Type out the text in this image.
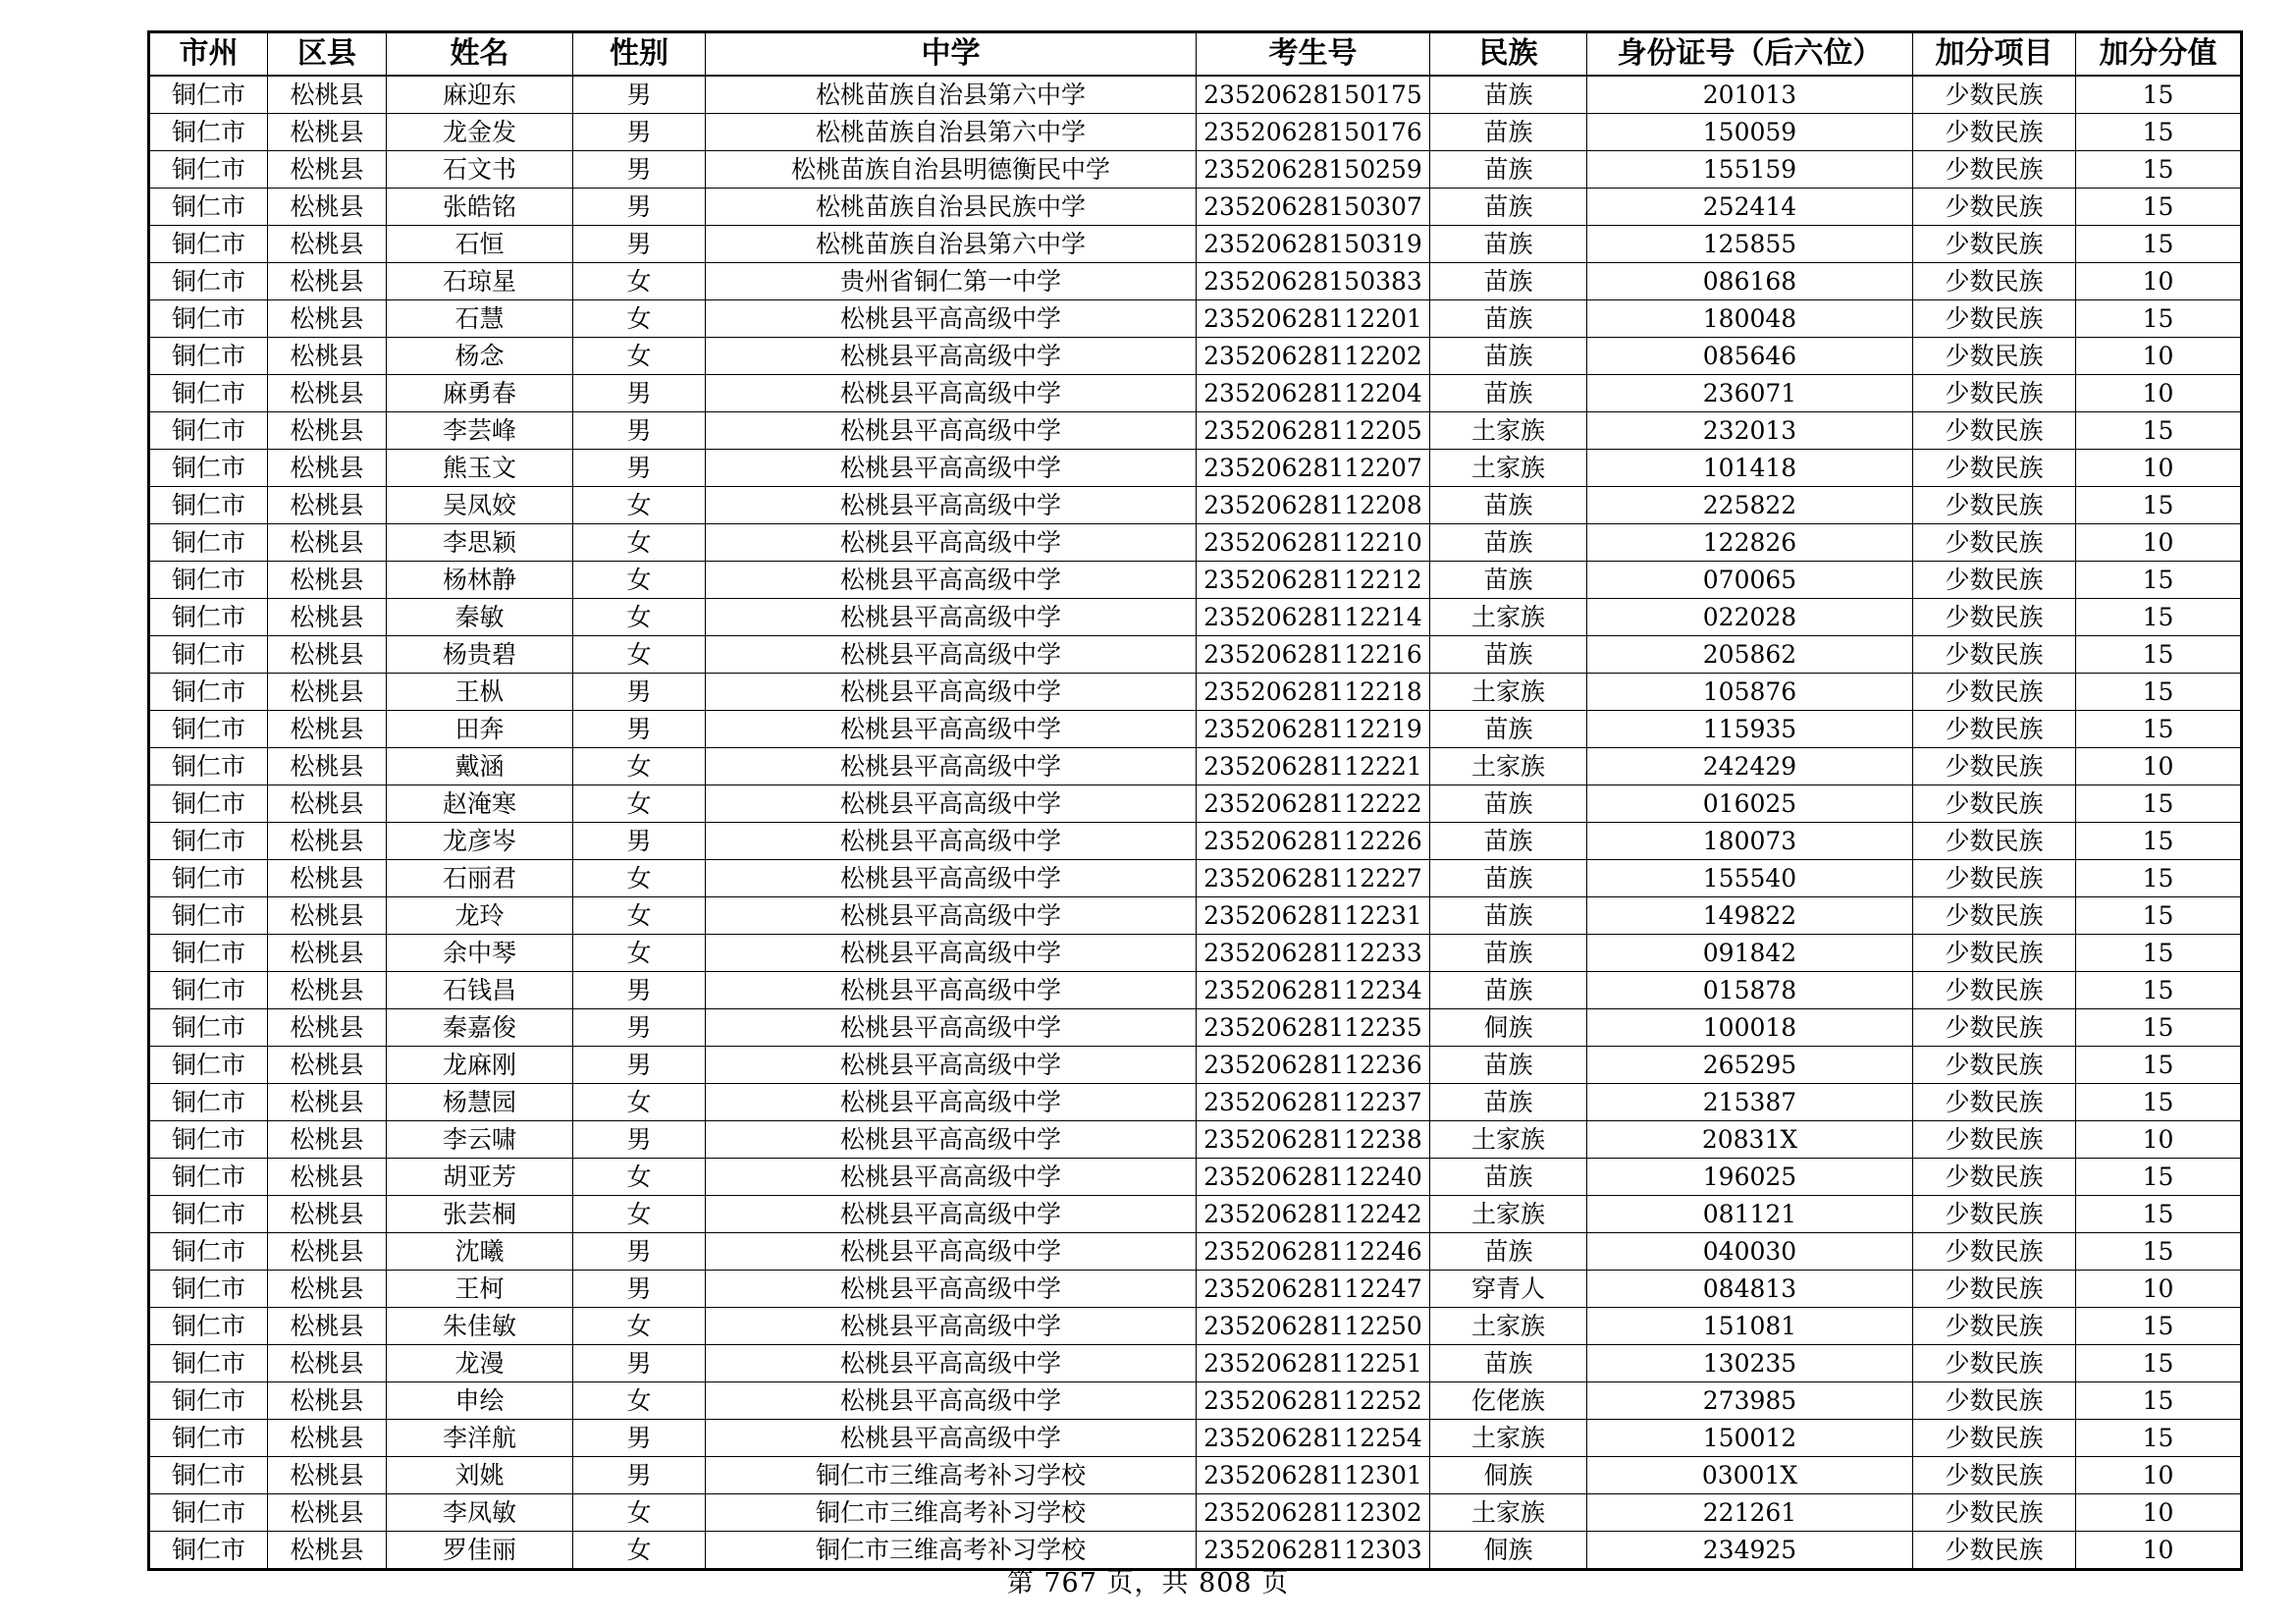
市州	区县	姓名	性别	中学	考生号	民族	身份证号（后六位）	加分项目	加分分值
铜仁市	松桃县	麻迎东	男	松桃苗族自治县第六中学	23520628150175	苗族	201013	少数民族	15
铜仁市	松桃县	龙金发	男	松桃苗族自治县第六中学	23520628150176	苗族	150059	少数民族	15
铜仁市	松桃县	石文书	男	松桃苗族自治县明德衡民中学	23520628150259	苗族	155159	少数民族	15
铜仁市	松桃县	张皓铭	男	松桃苗族自治县民族中学	23520628150307	苗族	252414	少数民族	15
铜仁市	松桃县	石恒	男	松桃苗族自治县第六中学	23520628150319	苗族	125855	少数民族	15
铜仁市	松桃县	石琼星	女	贵州省铜仁第一中学	23520628150383	苗族	086168	少数民族	10
铜仁市	松桃县	石慧	女	松桃县平高高级中学	23520628112201	苗族	180048	少数民族	15
铜仁市	松桃县	杨念	女	松桃县平高高级中学	23520628112202	苗族	085646	少数民族	10
铜仁市	松桃县	麻勇春	男	松桃县平高高级中学	23520628112204	苗族	236071	少数民族	10
铜仁市	松桃县	李芸峰	男	松桃县平高高级中学	23520628112205	土家族	232013	少数民族	15
铜仁市	松桃县	熊玉文	男	松桃县平高高级中学	23520628112207	土家族	101418	少数民族	10
铜仁市	松桃县	吴凤姣	女	松桃县平高高级中学	23520628112208	苗族	225822	少数民族	15
铜仁市	松桃县	李思颖	女	松桃县平高高级中学	23520628112210	苗族	122826	少数民族	10
铜仁市	松桃县	杨林静	女	松桃县平高高级中学	23520628112212	苗族	070065	少数民族	15
铜仁市	松桃县	秦敏	女	松桃县平高高级中学	23520628112214	土家族	022028	少数民族	15
铜仁市	松桃县	杨贵碧	女	松桃县平高高级中学	23520628112216	苗族	205862	少数民族	15
铜仁市	松桃县	王枞	男	松桃县平高高级中学	23520628112218	土家族	105876	少数民族	15
铜仁市	松桃县	田奔	男	松桃县平高高级中学	23520628112219	苗族	115935	少数民族	15
铜仁市	松桃县	戴涵	女	松桃县平高高级中学	23520628112221	土家族	242429	少数民族	10
铜仁市	松桃县	赵淹寒	女	松桃县平高高级中学	23520628112222	苗族	016025	少数民族	15
铜仁市	松桃县	龙彦岑	男	松桃县平高高级中学	23520628112226	苗族	180073	少数民族	15
铜仁市	松桃县	石丽君	女	松桃县平高高级中学	23520628112227	苗族	155540	少数民族	15
铜仁市	松桃县	龙玲	女	松桃县平高高级中学	23520628112231	苗族	149822	少数民族	15
铜仁市	松桃县	余中琴	女	松桃县平高高级中学	23520628112233	苗族	091842	少数民族	15
铜仁市	松桃县	石钱昌	男	松桃县平高高级中学	23520628112234	苗族	015878	少数民族	15
铜仁市	松桃县	秦嘉俊	男	松桃县平高高级中学	23520628112235	侗族	100018	少数民族	15
铜仁市	松桃县	龙麻刚	男	松桃县平高高级中学	23520628112236	苗族	265295	少数民族	15
铜仁市	松桃县	杨慧园	女	松桃县平高高级中学	23520628112237	苗族	215387	少数民族	15
铜仁市	松桃县	李云啸	男	松桃县平高高级中学	23520628112238	土家族	20831X	少数民族	10
铜仁市	松桃县	胡亚芳	女	松桃县平高高级中学	23520628112240	苗族	196025	少数民族	15
铜仁市	松桃县	张芸桐	女	松桃县平高高级中学	23520628112242	土家族	081121	少数民族	15
铜仁市	松桃县	沈曦	男	松桃县平高高级中学	23520628112246	苗族	040030	少数民族	15
铜仁市	松桃县	王柯	男	松桃县平高高级中学	23520628112247	穿青人	084813	少数民族	10
铜仁市	松桃县	朱佳敏	女	松桃县平高高级中学	23520628112250	土家族	151081	少数民族	15
铜仁市	松桃县	龙漫	男	松桃县平高高级中学	23520628112251	苗族	130235	少数民族	15
铜仁市	松桃县	申绘	女	松桃县平高高级中学	23520628112252	仡佬族	273985	少数民族	15
铜仁市	松桃县	李洋航	男	松桃县平高高级中学	23520628112254	土家族	150012	少数民族	15
铜仁市	松桃县	刘姚	男	铜仁市三维高考补习学校	23520628112301	侗族	03001X	少数民族	10
铜仁市	松桃县	李凤敏	女	铜仁市三维高考补习学校	23520628112302	土家族	221261	少数民族	10
铜仁市	松桃县	罗佳丽	女	铜仁市三维高考补习学校	23520628112303	侗族	234925	少数民族	10
第 767 页，共 808 页
